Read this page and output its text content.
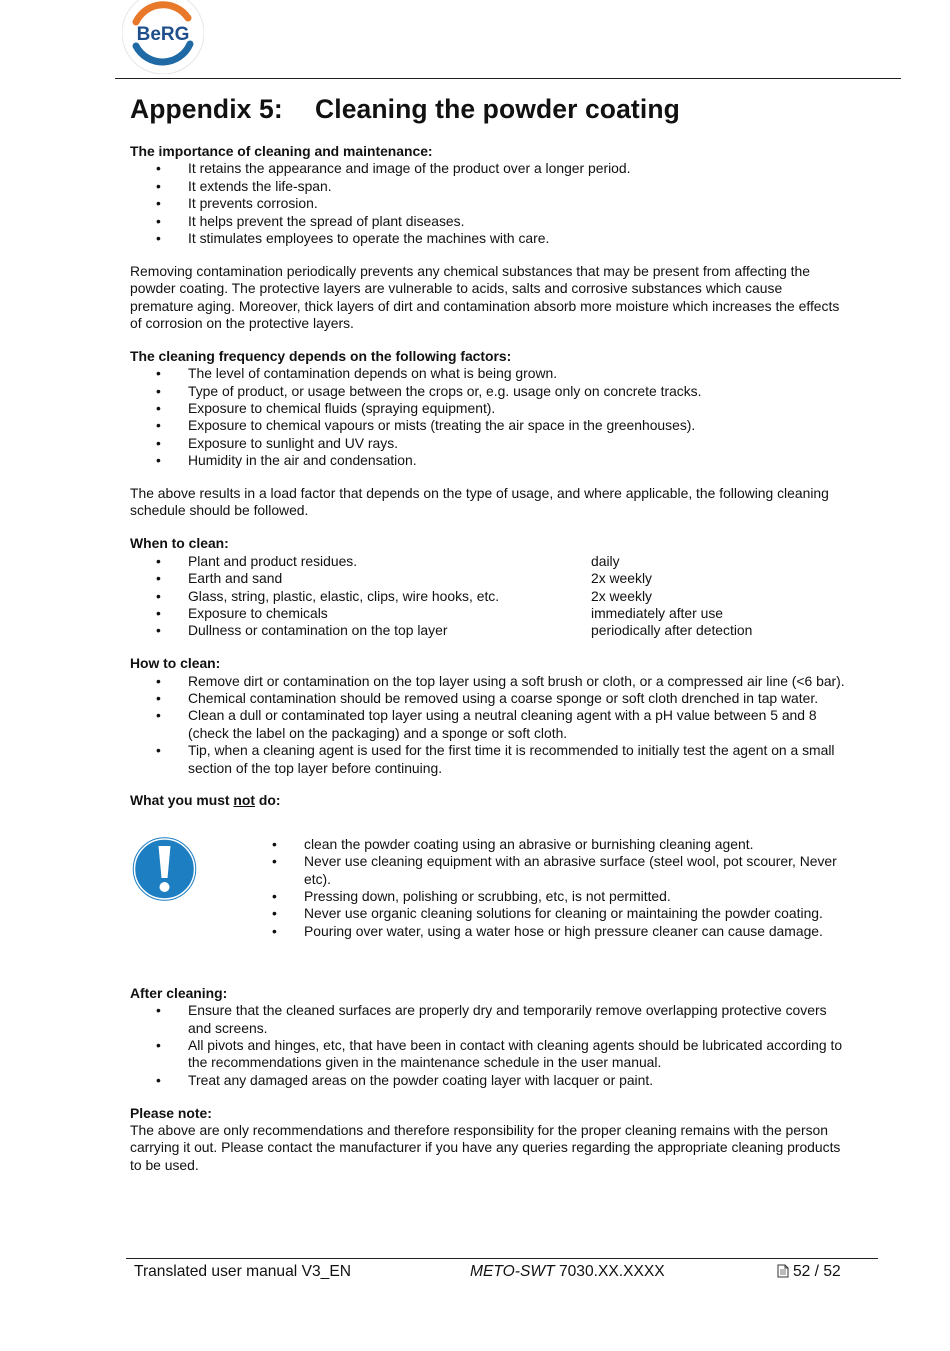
BeRG
Appendix 5: Cleaning the powder coating

The importance of cleaning and maintenance:

• It retains the appearance and image of the product over a longer period.
• It extends the life-span.
• It prevents corrosion.
• It helps prevent the spread of plant diseases.
• It stimulates employees to operate the machines with care.

Removing contamination periodically prevents any chemical substances that may be present from affecting the powder coating. The protective layers are vulnerable to acids, salts and corrosive substances which cause premature aging. Moreover, thick layers of dirt and contamination absorb more moisture which increases the effects of corrosion on the protective layers.

The cleaning frequency depends on the following factors:

• The level of contamination depends on what is being grown.
• Type of product, or usage between the crops or, e.g. usage only on concrete tracks.
• Exposure to chemical fluids (spraying equipment).
• Exposure to chemical vapours or mists (treating the air space in the greenhouses).
• Exposure to sunlight and UV rays.
• Humidity in the air and condensation.

The above results in a load factor that depends on the type of usage, and where applicable, the following cleaning schedule should be followed.

When to clean:

• Plant and product residues.	daily
• Earth and sand	2x weekly
• Glass, string, plastic, elastic, clips, wire hooks, etc.	2x weekly
• Exposure to chemicals	immediately after use
• Dullness or contamination on the top layer	periodically after detection

How to clean:

• Remove dirt or contamination on the top layer using a soft brush or cloth, or a compressed air line (<6 bar).
• Chemical contamination should be removed using a coarse sponge or soft cloth drenched in tap water.
• Clean a dull or contaminated top layer using a neutral cleaning agent with a pH value between 5 and 8 (check the label on the packaging) and a sponge or soft cloth.
• Tip, when a cleaning agent is used for the first time it is recommended to initially test the agent on a small section of the top layer before continuing.

What you must not do:

• clean the powder coating using an abrasive or burnishing cleaning agent.
• Never use cleaning equipment with an abrasive surface (steel wool, pot scourer, Never etc).
• Pressing down, polishing or scrubbing, etc, is not permitted.
• Never use organic cleaning solutions for cleaning or maintaining the powder coating.
• Pouring over water, using a water hose or high pressure cleaner can cause damage.

After cleaning:

• Ensure that the cleaned surfaces are properly dry and temporarily remove overlapping protective covers and screens.
• All pivots and hinges, etc, that have been in contact with cleaning agents should be lubricated according to the recommendations given in the maintenance schedule in the user manual.
• Treat any damaged areas on the powder coating layer with lacquer or paint.

Please note:

The above are only recommendations and therefore responsibility for the proper cleaning remains with the person carrying it out. Please contact the manufacturer if you have any queries regarding the appropriate cleaning products to be used.

Translated user manual V3_EN	METO-SWT 7030.XX.XXXX	52 / 52
